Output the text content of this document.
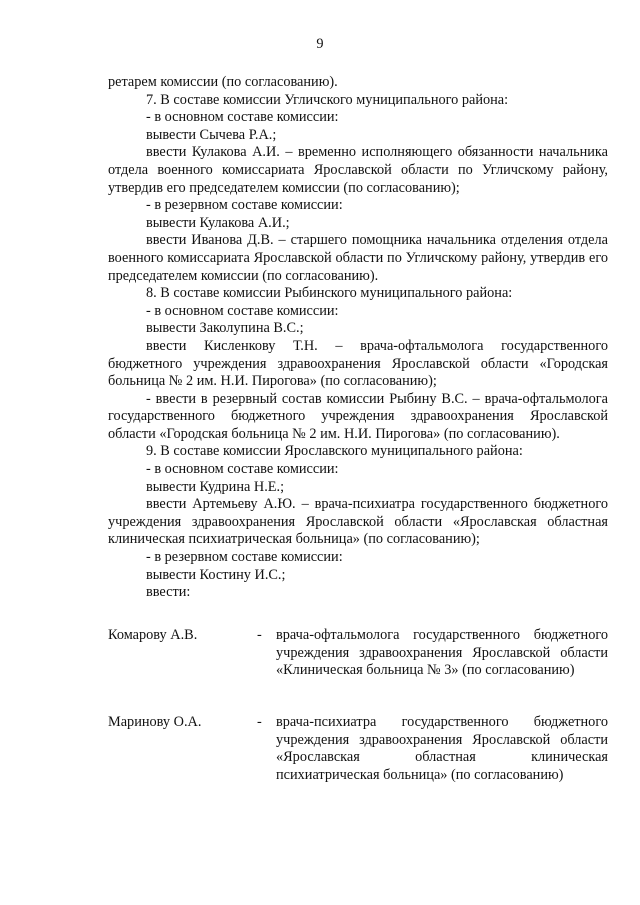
9

ретарем комиссии (по согласованию).

7. В составе комиссии Угличского муниципального района:

- в основном составе комиссии:

вывести Сычева Р.А.;

ввести Кулакова А.И. – временно исполняющего обязанности начальника отдела военного комиссариата Ярославской области по Угличскому району, утвердив его председателем комиссии (по согласованию);

- в резервном составе комиссии:

вывести Кулакова А.И.;

ввести Иванова Д.В. – старшего помощника начальника отделения отдела военного комиссариата Ярославской области по Угличскому району, утвердив его председателем комиссии (по согласованию).

8. В составе комиссии Рыбинского муниципального района:

- в основном составе комиссии:

вывести Заколупина В.С.;

ввести Кисленкову Т.Н. – врача-офтальмолога государственного бюджетного учреждения здравоохранения Ярославской области «Городская больница № 2 им. Н.И. Пирогова» (по согласованию);

- ввести в резервный состав комиссии Рыбину В.С. – врача-офтальмолога государственного бюджетного учреждения здравоохранения Ярославской области «Городская больница № 2 им. Н.И. Пирогова» (по согласованию).

9. В составе комиссии Ярославского муниципального района:

- в основном составе комиссии:

вывести Кудрина Н.Е.;

ввести Артемьеву А.Ю. – врача-психиатра государственного бюджетного учреждения здравоохранения Ярославской области «Ярославская областная клиническая психиатрическая больница» (по согласованию);

- в резервном составе комиссии:

вывести Костину И.С.;

ввести:

Комарову А.В.	- врача-офтальмолога государственного бюджетного учреждения здравоохранения Ярославской области «Клиническая больница № 3» (по согласованию)
Маринову О.А.	- врача-психиатра государственного бюджетного учреждения здравоохранения Ярославской области «Ярославская областная клиническая психиатрическая больница» (по согласованию)
